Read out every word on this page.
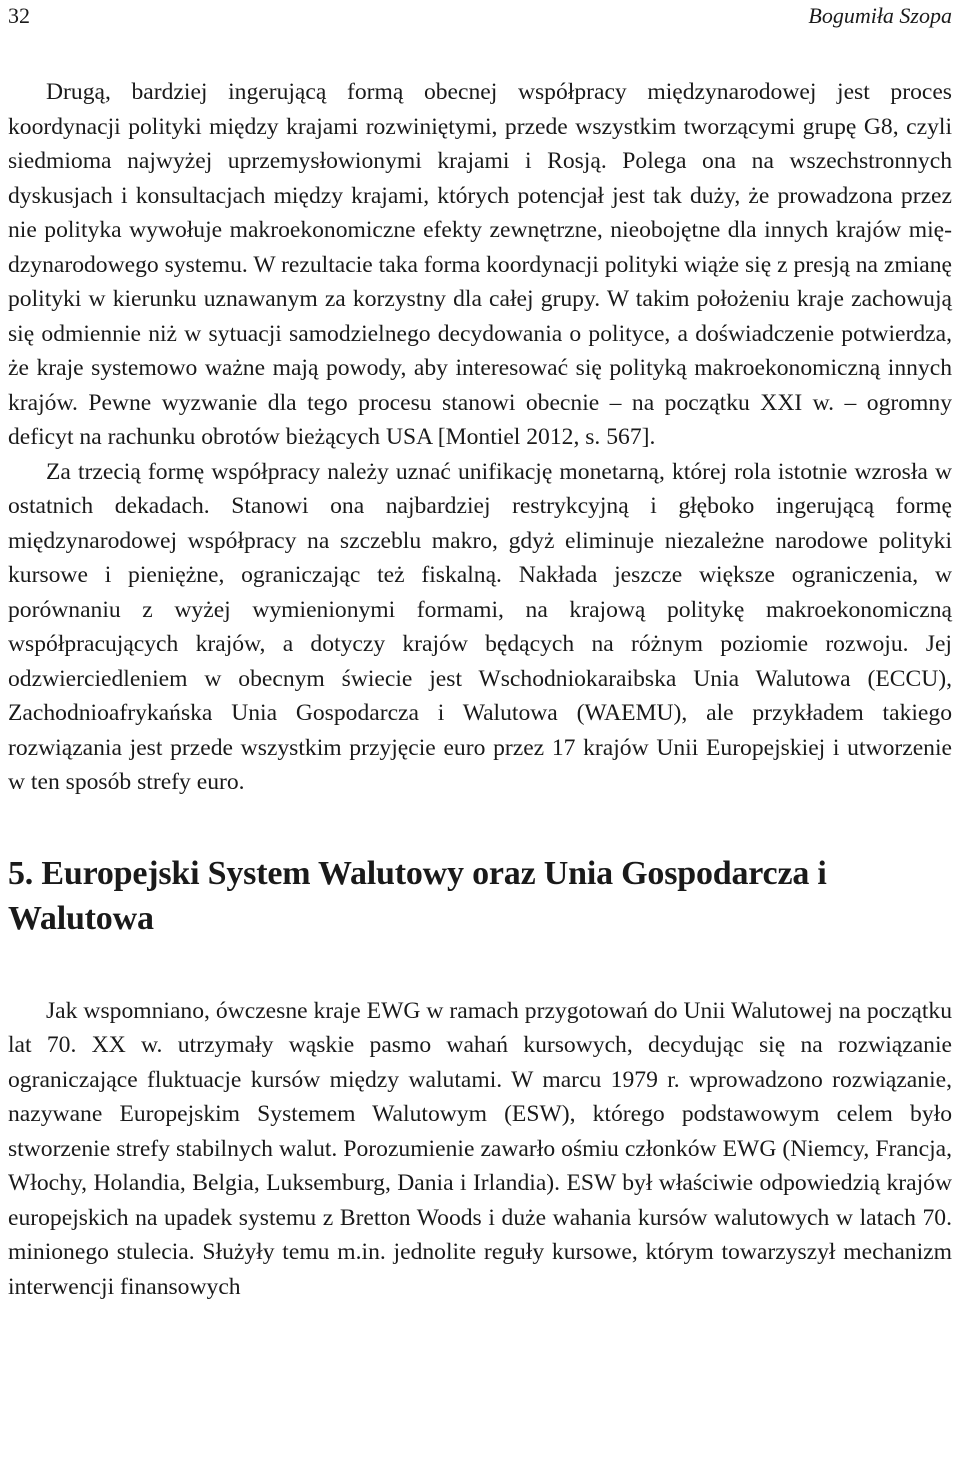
32	Bogumiła Szopa

Drugą, bardziej ingerującą formą obecnej współpracy międzynarodowej jest proces koordynacji polityki między krajami rozwiniętymi, przede wszystkim tworzącymi grupę G8, czyli siedmioma najwyżej uprzemysłowionymi krajami i Rosją. Polega ona na wszechstronnych dyskusjach i konsultacjach między krajami, których potencjał jest tak duży, że prowadzona przez nie polityka wywołuje makroekonomiczne efekty zewnętrzne, nieobojętne dla innych krajów międzynarodowego systemu. W rezultacie taka forma koordynacji polityki wiąże się z presją na zmianę polityki w kierunku uznawanym za korzystny dla całej grupy. W takim położeniu kraje zachowują się odmiennie niż w sytuacji samodzielnego decydowania o polityce, a doświadczenie potwierdza, że kraje systemowo ważne mają powody, aby interesować się polityką makroekonomiczną innych krajów. Pewne wyzwanie dla tego procesu stanowi obecnie – na początku XXI w. – ogromny deficyt na rachunku obrotów bieżących USA [Montiel 2012, s. 567].

Za trzecią formę współpracy należy uznać unifikację monetarną, której rola istotnie wzrosła w ostatnich dekadach. Stanowi ona najbardziej restrykcyjną i głęboko ingerującą formę międzynarodowej współpracy na szczeblu makro, gdyż eliminuje niezależne narodowe polityki kursowe i pieniężne, ograniczając też fiskalną. Nakłada jeszcze większe ograniczenia, w porównaniu z wyżej wymienionymi formami, na krajową politykę makroekonomiczną współpracujących krajów, a dotyczy krajów będących na różnym poziomie rozwoju. Jej odzwierciedleniem w obecnym świecie jest Wschodniokaraibska Unia Walutowa (ECCU), Zachodnioafrykańska Unia Gospodarcza i Walutowa (WAEMU), ale przykładem takiego rozwiązania jest przede wszystkim przyjęcie euro przez 17 krajów Unii Europejskiej i utworzenie w ten sposób strefy euro.

5. Europejski System Walutowy oraz Unia Gospodarcza i Walutowa

Jak wspomniano, ówczesne kraje EWG w ramach przygotowań do Unii Walutowej na początku lat 70. XX w. utrzymały wąskie pasmo wahań kursowych, decydując się na rozwiązanie ograniczające fluktuacje kursów między walutami. W marcu 1979 r. wprowadzono rozwiązanie, nazywane Europejskim Systemem Walutowym (ESW), którego podstawowym celem było stworzenie strefy stabilnych walut. Porozumienie zawarło ośmiu członków EWG (Niemcy, Francja, Włochy, Holandia, Belgia, Luksemburg, Dania i Irlandia). ESW był właściwie odpowiedzią krajów europejskich na upadek systemu z Bretton Woods i duże wahania kursów walutowych w latach 70. minionego stulecia. Służyły temu m.in. jednolite reguły kursowe, którym towarzyszył mechanizm interwencji finansowych
